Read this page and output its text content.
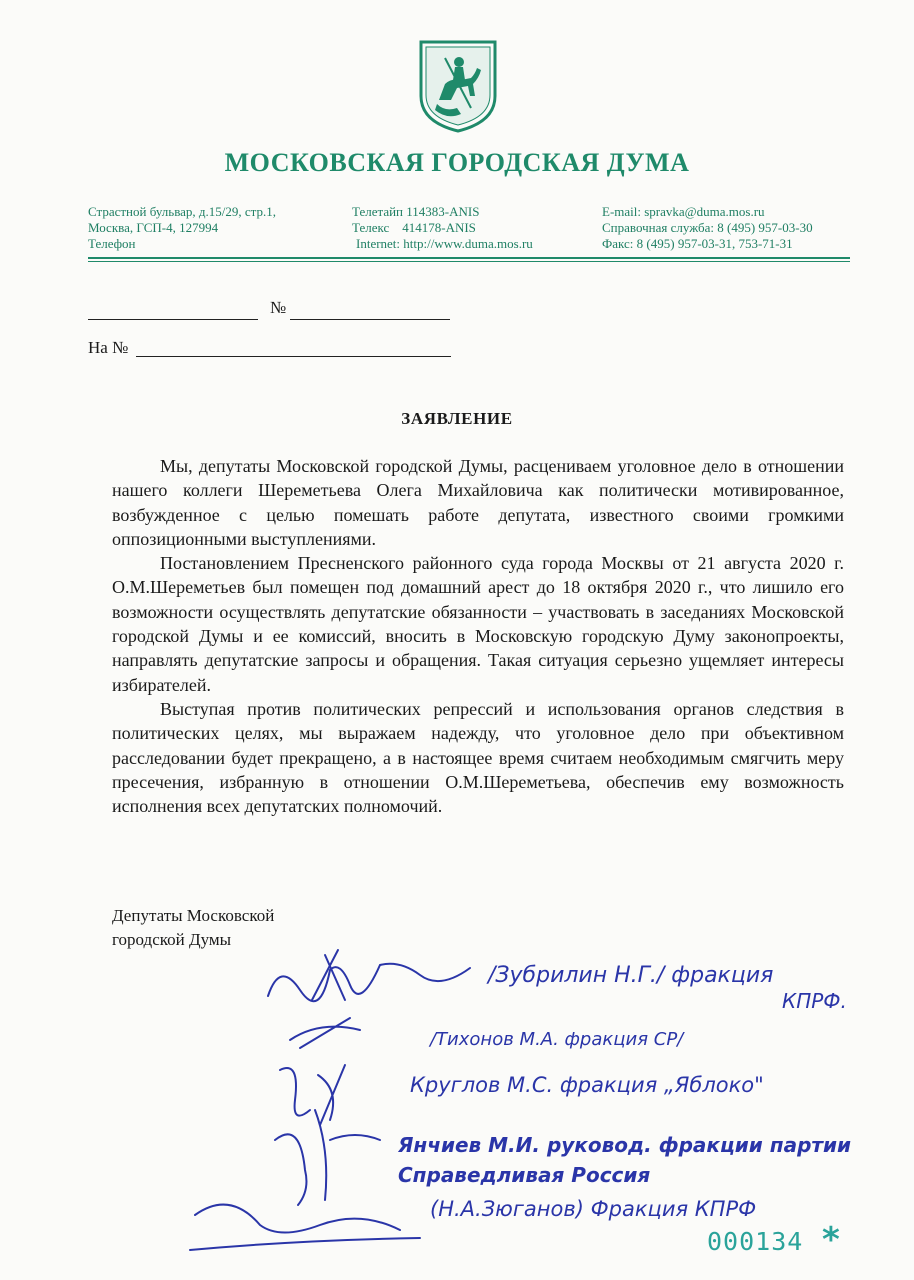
МОСКОВСКАЯ ГОРОДСКАЯ ДУМА
Страстной бульвар, д.15/29, стр.1,
Москва, ГСП-4, 127994
Телефон
Телетайп 114383-ANIS
Телекс    414178-ANIS
Internet: http://www.duma.mos.ru
E-mail: spravka@duma.mos.ru
Справочная служба: 8 (495) 957-03-30
Факс: 8 (495) 957-03-31, 753-71-31
№
На №
ЗАЯВЛЕНИЕ

Мы, депутаты Московской городской Думы, расцениваем уголовное дело в отношении нашего коллеги Шереметьева Олега Михайловича как политически мотивированное, возбужденное с целью помешать работе депутата, известного своими громкими оппозиционными выступлениями.

Постановлением Пресненского районного суда города Москвы от 21 августа 2020 г. О.М.Шереметьев был помещен под домашний арест до 18 октября 2020 г., что лишило его возможности осуществлять депутатские обязанности – участвовать в заседаниях Московской городской Думы и ее комиссий, вносить в Московскую городскую Думу законопроекты, направлять депутатские запросы и обращения. Такая ситуация серьезно ущемляет интересы избирателей.

Выступая против политических репрессий и использования органов следствия в политических целях, мы выражаем надежду, что уголовное дело при объективном расследовании будет прекращено, а в настоящее время считаем необходимым смягчить меру пресечения, избранную в отношении О.М.Шереметьева, обеспечив ему возможность исполнения всех депутатских полномочий.

Депутаты Московской
городской Думы
/Зубрилин Н.Г./ фракция
КПРФ.
/Тихонов М.А. фракция СР/
Круглов М.С. фракция „Яблоко"
Янчиев М.И. руковод. фракции партии
Справедливая Россия
(Н.А.Зюганов) Фракция КПРФ
000134 *
